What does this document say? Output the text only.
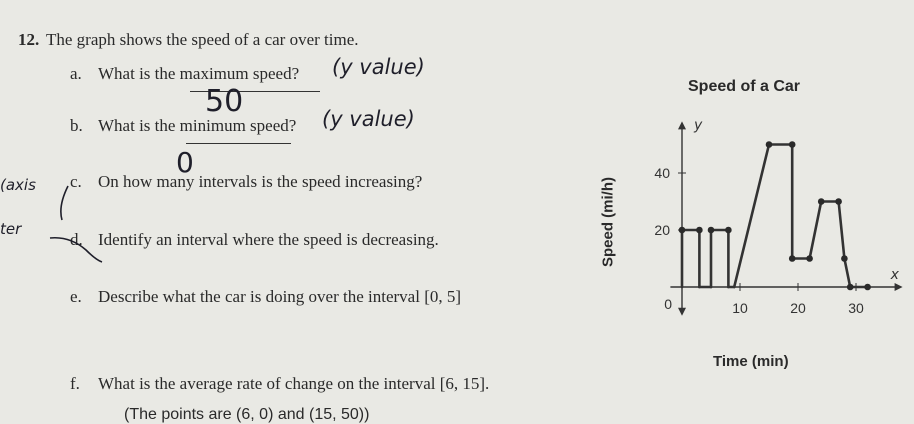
12. The graph shows the speed of a car over time.
a. What is the maximum speed?
b. What is the minimum speed?
c. On how many intervals is the speed increasing?
d. Identify an interval where the speed is decreasing.
e. Describe what the car is doing over the interval [0, 5]
f. What is the average rate of change on the interval [6, 15].
(The points are (6, 0) and (15, 50))
(y value)
50	(y value)
0
(axis
ter
Speed of a Car
Time (min)
Speed (mi/h)
y
x
10	20	30
20
40
0
